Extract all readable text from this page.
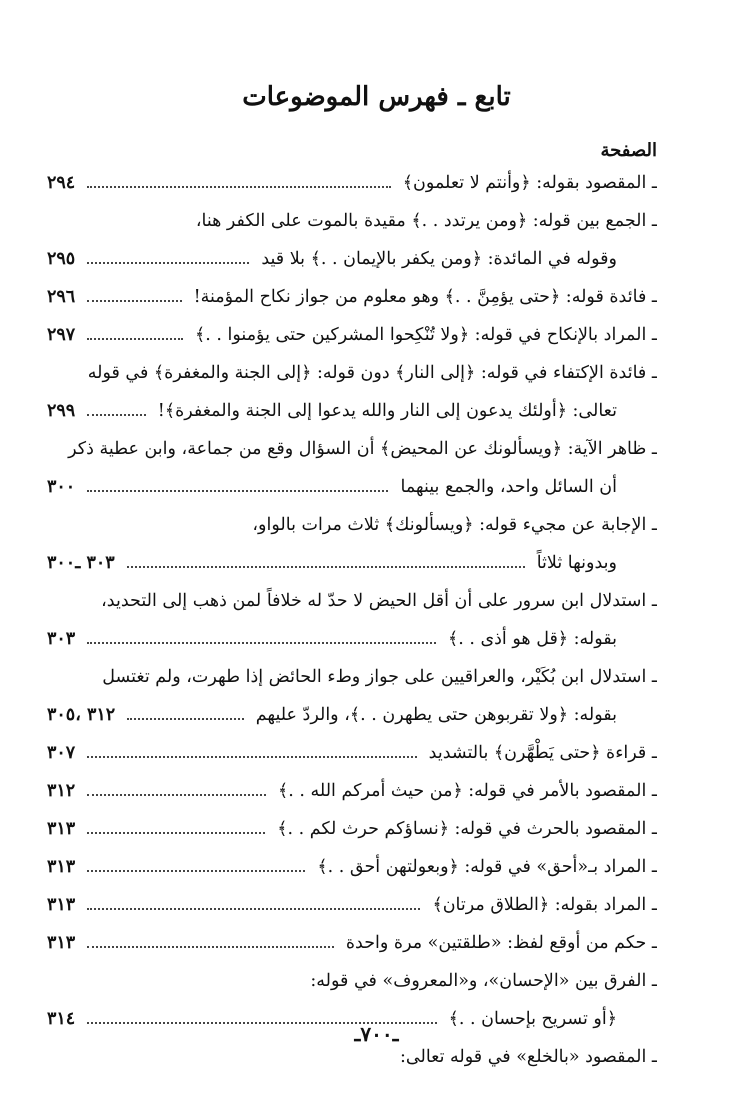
تابع ـ فهرس الموضوعات
الصفحة
ـ المقصود بقوله: ﴿وأنتم لا تعلمون﴾
٢٩٤
ـ الجمع بين قوله: ﴿ومن يرتدد . .﴾ مقيدة بالموت على الكفر هنا،
وقوله في المائدة: ﴿ومن يكفر بالإيمان . .﴾ بلا قيد
٢٩٥
ـ فائدة قوله: ﴿حتى يؤمِنَّ . .﴾ وهو معلوم من جواز نكاح المؤمنة!
٢٩٦
ـ المراد بالإنكاح في قوله: ﴿ولا تُنْكِحوا المشركين حتى يؤمنوا . .﴾
٢٩٧
ـ فائدة الإكتفاء في قوله: ﴿إلى النار﴾ دون قوله: ﴿إلى الجنة والمغفرة﴾ في قوله
تعالى: ﴿أولئك يدعون إلى النار والله يدعوا إلى الجنة والمغفرة﴾!
٢٩٩
ـ ظاهر الآية: ﴿ويسألونك عن المحيض﴾ أن السؤال وقع من جماعة، وابن عطية ذكر
أن السائل واحد، والجمع بينهما
٣٠٠
ـ الإجابة عن مجيء قوله: ﴿ويسألونك﴾ ثلاث مرات بالواو،
وبدونها ثلاثاً
٣٠٣ ـ٣٠٠
ـ استدلال ابن سرور على أن أقل الحيض لا حدّ له خلافاً لمن ذهب إلى التحديد،
بقوله: ﴿قل هو أذى . .﴾
٣٠٣
ـ استدلال ابن بُكَيْر، والعراقيين على جواز وطء الحائض إذا طهرت، ولم تغتسل
بقوله: ﴿ولا تقربوهن حتى يطهرن . .﴾، والردّ عليهم
٣١٢ ،٣٠٥
ـ قراءة ﴿حتى يَطْهَّرن﴾ بالتشديد
٣٠٧
ـ المقصود بالأمر في قوله: ﴿من حيث أمركم الله . .﴾
٣١٢
ـ المقصود بالحرث في قوله: ﴿نساؤكم حرث لكم . .﴾
٣١٣
ـ المراد بـ«أحق» في قوله: ﴿وبعولتهن أحق . .﴾
٣١٣
ـ المراد بقوله: ﴿الطلاق مرتان﴾
٣١٣
ـ حكم من أوقع لفظ: «طلقتين» مرة واحدة
٣١٣
ـ الفرق بين «الإحسان»، و«المعروف» في قوله:
﴿أو تسريح بإحسان . .﴾
٣١٤
ـ المقصود «بالخلع» في قوله تعالى:
ـ٧٠٠ـ
